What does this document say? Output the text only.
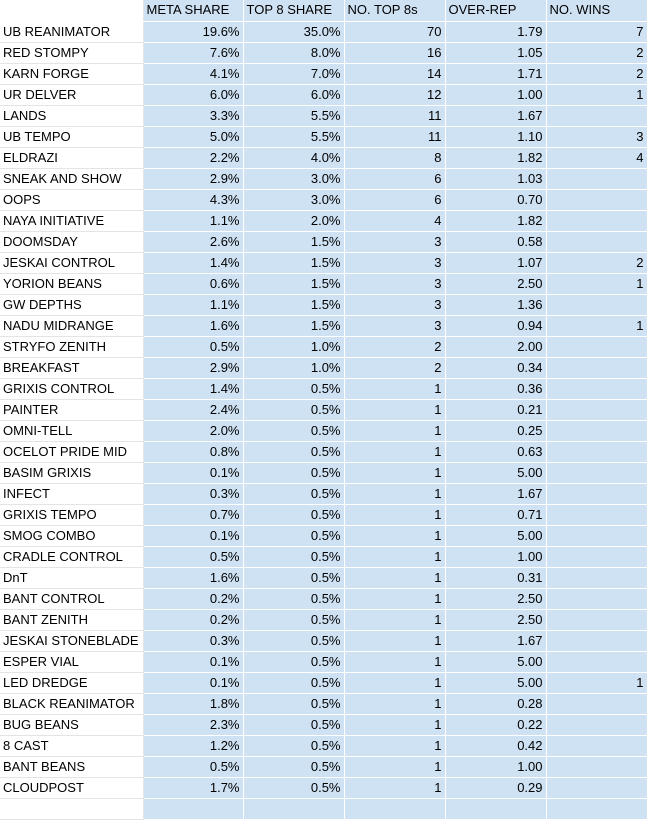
	META SHARE	TOP 8 SHARE	NO. TOP 8s	OVER-REP	NO. WINS
UB REANIMATOR	19.6%	35.0%	70	1.79	7
RED STOMPY	7.6%	8.0%	16	1.05	2
KARN FORGE	4.1%	7.0%	14	1.71	2
UR DELVER	6.0%	6.0%	12	1.00	1
LANDS	3.3%	5.5%	11	1.67	
UB TEMPO	5.0%	5.5%	11	1.10	3
ELDRAZI	2.2%	4.0%	8	1.82	4
SNEAK AND SHOW	2.9%	3.0%	6	1.03	
OOPS	4.3%	3.0%	6	0.70	
NAYA INITIATIVE	1.1%	2.0%	4	1.82	
DOOMSDAY	2.6%	1.5%	3	0.58	
JESKAI CONTROL	1.4%	1.5%	3	1.07	2
YORION BEANS	0.6%	1.5%	3	2.50	1
GW DEPTHS	1.1%	1.5%	3	1.36	
NADU MIDRANGE	1.6%	1.5%	3	0.94	1
STRYFO ZENITH	0.5%	1.0%	2	2.00	
BREAKFAST	2.9%	1.0%	2	0.34	
GRIXIS CONTROL	1.4%	0.5%	1	0.36	
PAINTER	2.4%	0.5%	1	0.21	
OMNI-TELL	2.0%	0.5%	1	0.25	
OCELOT PRIDE MID	0.8%	0.5%	1	0.63	
BASIM GRIXIS	0.1%	0.5%	1	5.00	
INFECT	0.3%	0.5%	1	1.67	
GRIXIS TEMPO	0.7%	0.5%	1	0.71	
SMOG COMBO	0.1%	0.5%	1	5.00	
CRADLE CONTROL	0.5%	0.5%	1	1.00	
DnT	1.6%	0.5%	1	0.31	
BANT CONTROL	0.2%	0.5%	1	2.50	
BANT ZENITH	0.2%	0.5%	1	2.50	
JESKAI STONEBLADE	0.3%	0.5%	1	1.67	
ESPER VIAL	0.1%	0.5%	1	5.00	
LED DREDGE	0.1%	0.5%	1	5.00	1
BLACK REANIMATOR	1.8%	0.5%	1	0.28	
BUG BEANS	2.3%	0.5%	1	0.22	
8 CAST	1.2%	0.5%	1	0.42	
BANT BEANS	0.5%	0.5%	1	1.00	
CLOUDPOST	1.7%	0.5%	1	0.29	
